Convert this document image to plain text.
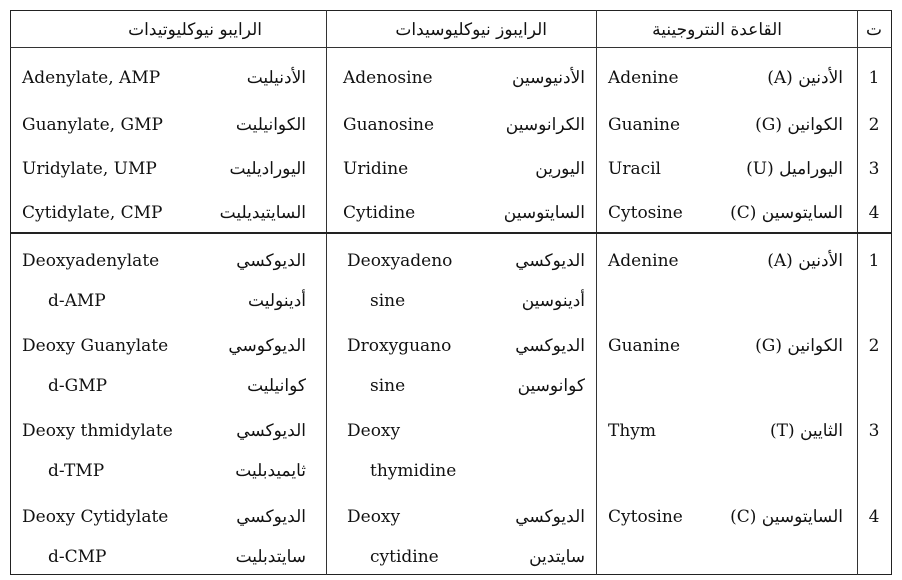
ت
القاعدة النتروجينية
الرايبوز نيوكليوسيدات
الرايبو نيوكليوتيدات
1
الأدنين (A)
Adenine
الأدنيوسين
Adenosine
الأدنيليت
Adenylate, AMP
2
الكوانين (G)
Guanine
الكرانوسين
Guanosine
الكوانيليت
Guanylate, GMP
3
اليوراميل (U)
Uracil
اليورين
Uridine
اليوراديليت
Uridylate, UMP
4
السايتوسين (C)
Cytosine
السايتوسين
Cytidine
السايتيديليت
Cytidylate, CMP
1
الأدنين (A)
Adenine
الديوكسي
أدينوسين
Deoxyadeno
sine
الديوكسي
أدينوليت
Deoxyadenylate
d-AMP
2
الكوانين (G)
Guanine
الديوكسي
كوانوسين
Droxyguano
sine
الديوكوسي
كوانيليت
Deoxy Guanylate
d-GMP
3
الثايين (T)
Thym
Deoxy
thymidine
الديوكسي
ثايميدبليت
Deoxy thmidylate
d-TMP
4
السايتوسين (C)
Cytosine
الديوكسي
سايتدين
Deoxy
cytidine
الديوكسي
سايتدبليت
Deoxy Cytidylate
d-CMP
